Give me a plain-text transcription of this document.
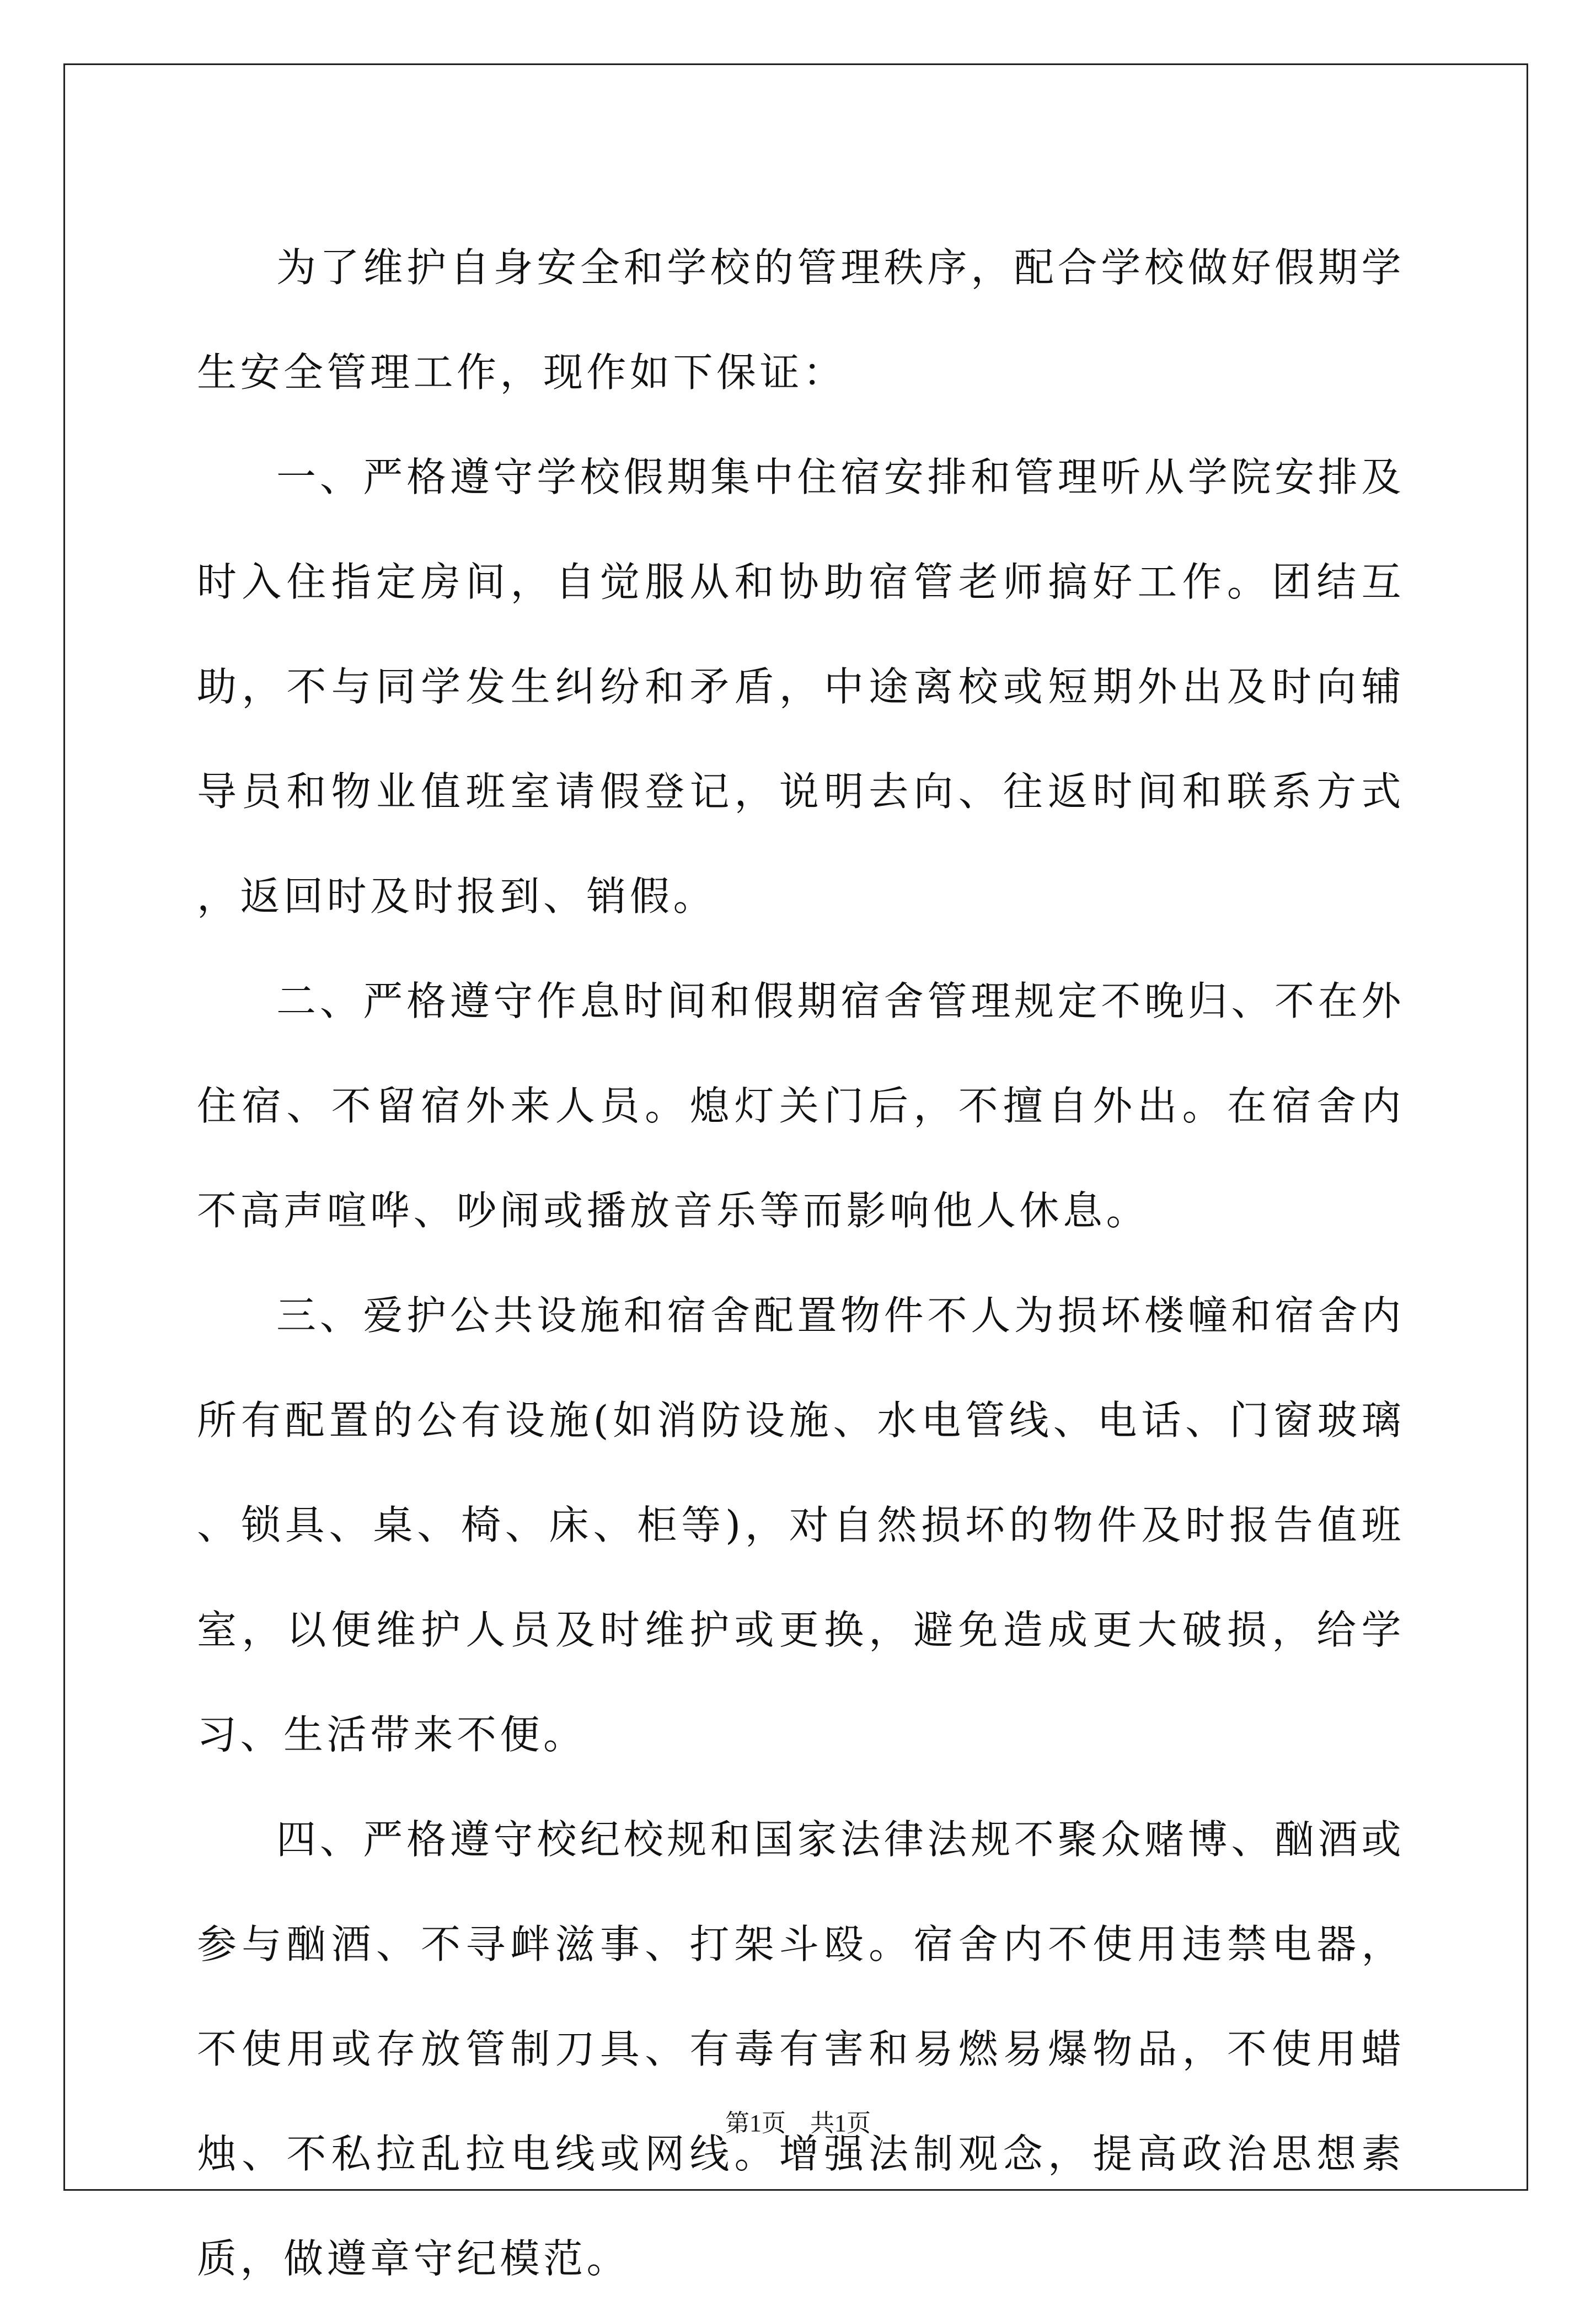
为了维护自身安全和学校的管理秩序，配合学校做好假期学生安全管理工作，现作如下保证：

一、严格遵守学校假期集中住宿安排和管理听从学院安排及时入住指定房间，自觉服从和协助宿管老师搞好工作。团结互助，不与同学发生纠纷和矛盾，中途离校或短期外出及时向辅导员和物业值班室请假登记，说明去向、往返时间和联系方式，返回时及时报到、销假。

二、严格遵守作息时间和假期宿舍管理规定不晚归、不在外住宿、不留宿外来人员。熄灯关门后，不擅自外出。在宿舍内不高声喧哗、吵闹或播放音乐等而影响他人休息。

三、爱护公共设施和宿舍配置物件不人为损坏楼幢和宿舍内所有配置的公有设施(如消防设施、水电管线、电话、门窗玻璃、锁具、桌、椅、床、柜等)，对自然损坏的物件及时报告值班室，以便维护人员及时维护或更换，避免造成更大破损，给学习、生活带来不便。

四、严格遵守校纪校规和国家法律法规不聚众赌博、酗酒或参与酗酒、不寻衅滋事、打架斗殴。宿舍内不使用违禁电器，不使用或存放管制刀具、有毒有害和易燃易爆物品，不使用蜡烛、不私拉乱拉电线或网线。增强法制观念，提高政治思想素质，做遵章守纪模范。

第1页　共1页
